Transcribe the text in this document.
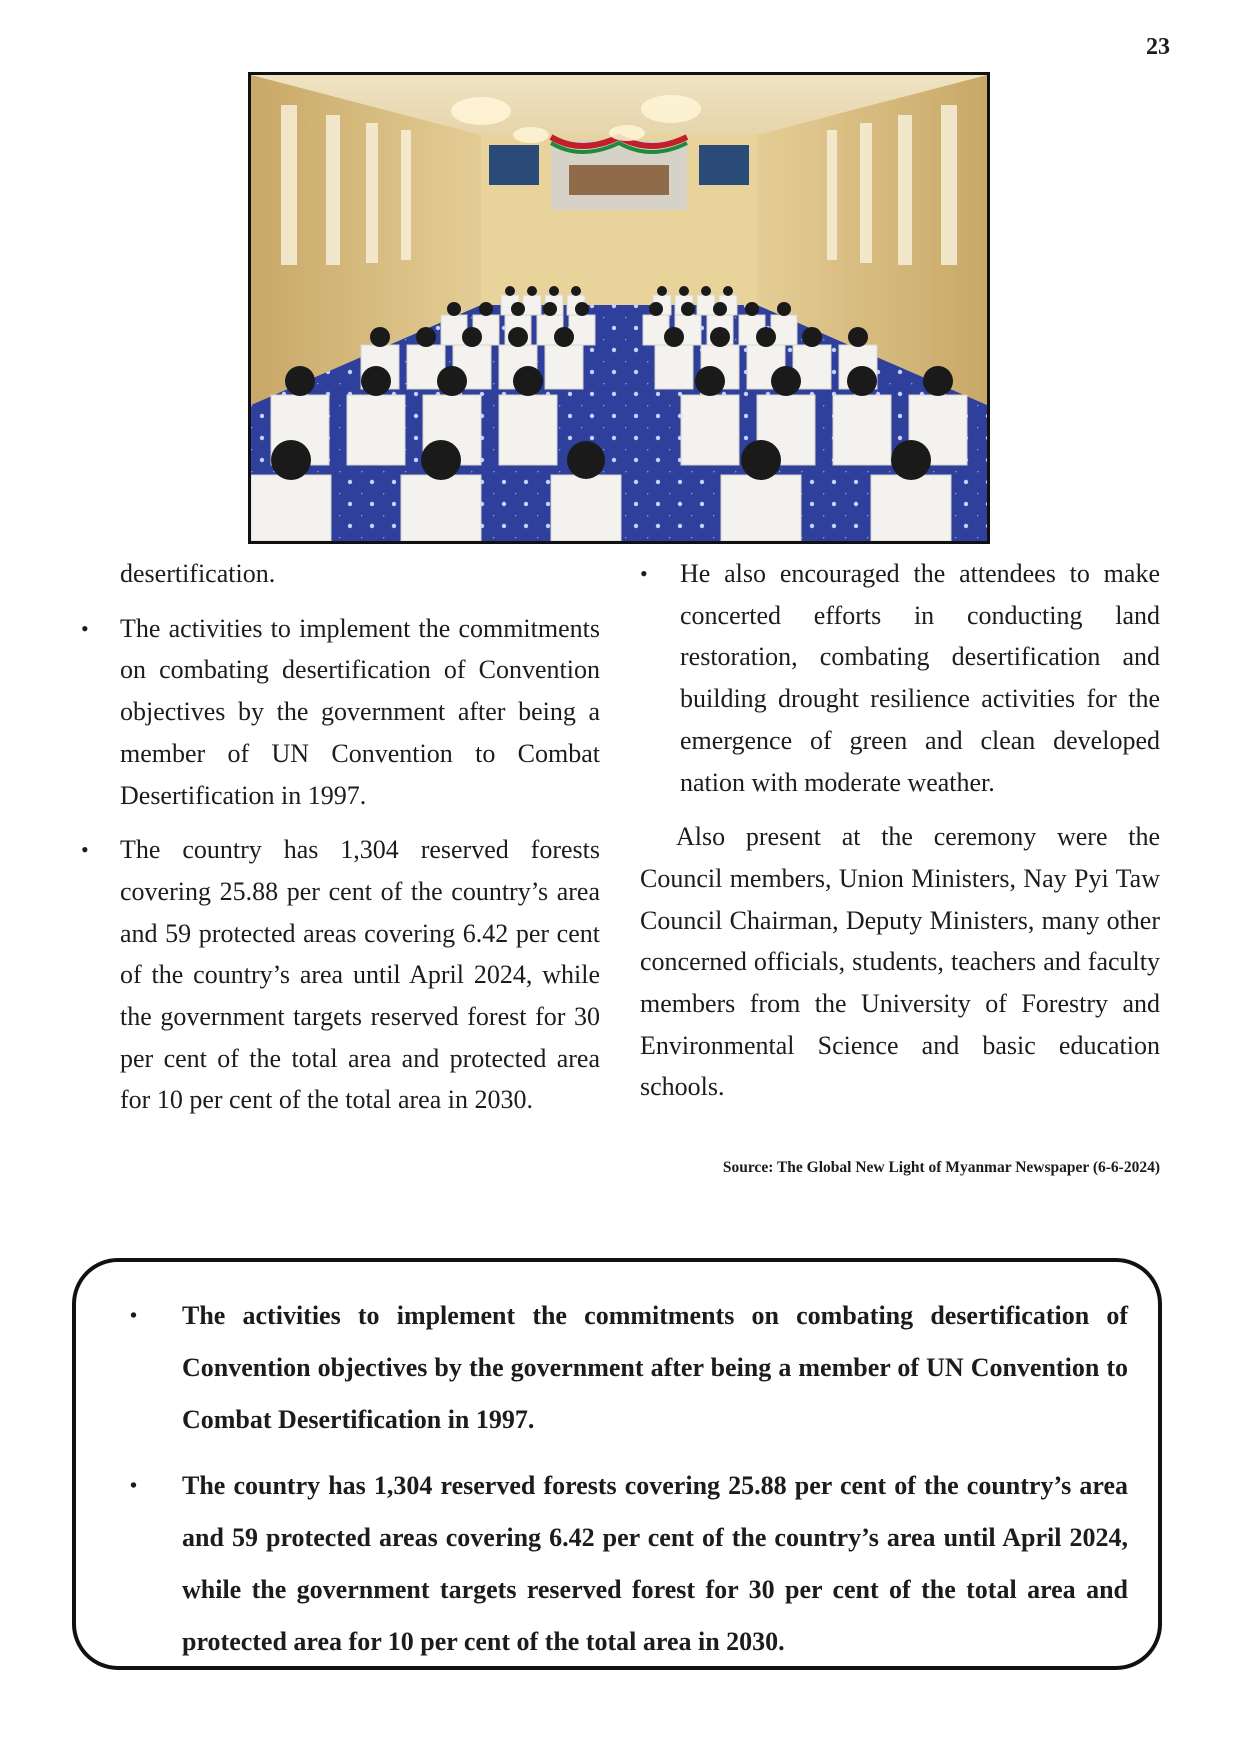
23

desertification.

• The activities to implement the commitments on combating desertification of Convention objectives by the government after being a member of UN Convention to Combat Desertification in 1997.
• The country has 1,304 reserved forests covering 25.88 per cent of the country’s area and 59 protected areas covering 6.42 per cent of the country’s area until April 2024, while the government targets reserved forest for 30 per cent of the total area and protected area for 10 per cent of the total area in 2030.
• He also encouraged the attendees to make concerted efforts in conducting land restoration, combating desertification and building drought resilience activities for the emergence of green and clean developed nation with moderate weather.

Also present at the ceremony were the Council members, Union Ministers, Nay Pyi Taw Council Chairman, Deputy Ministers, many other concerned officials, students, teachers and faculty members from the University of Forestry and Environmental Science and basic education schools.

Source: The Global New Light of Myanmar Newspaper (6-6-2024)

• The activities to implement the commitments on combating desertification of Convention objectives by the government after being a member of UN Convention to Combat Desertification in 1997.
• The country has 1,304 reserved forests covering 25.88 per cent of the country’s area and 59 protected areas covering 6.42 per cent of the country’s area until April 2024, while the government targets reserved forest for 30 per cent of the total area and protected area for 10 per cent of the total area in 2030.
